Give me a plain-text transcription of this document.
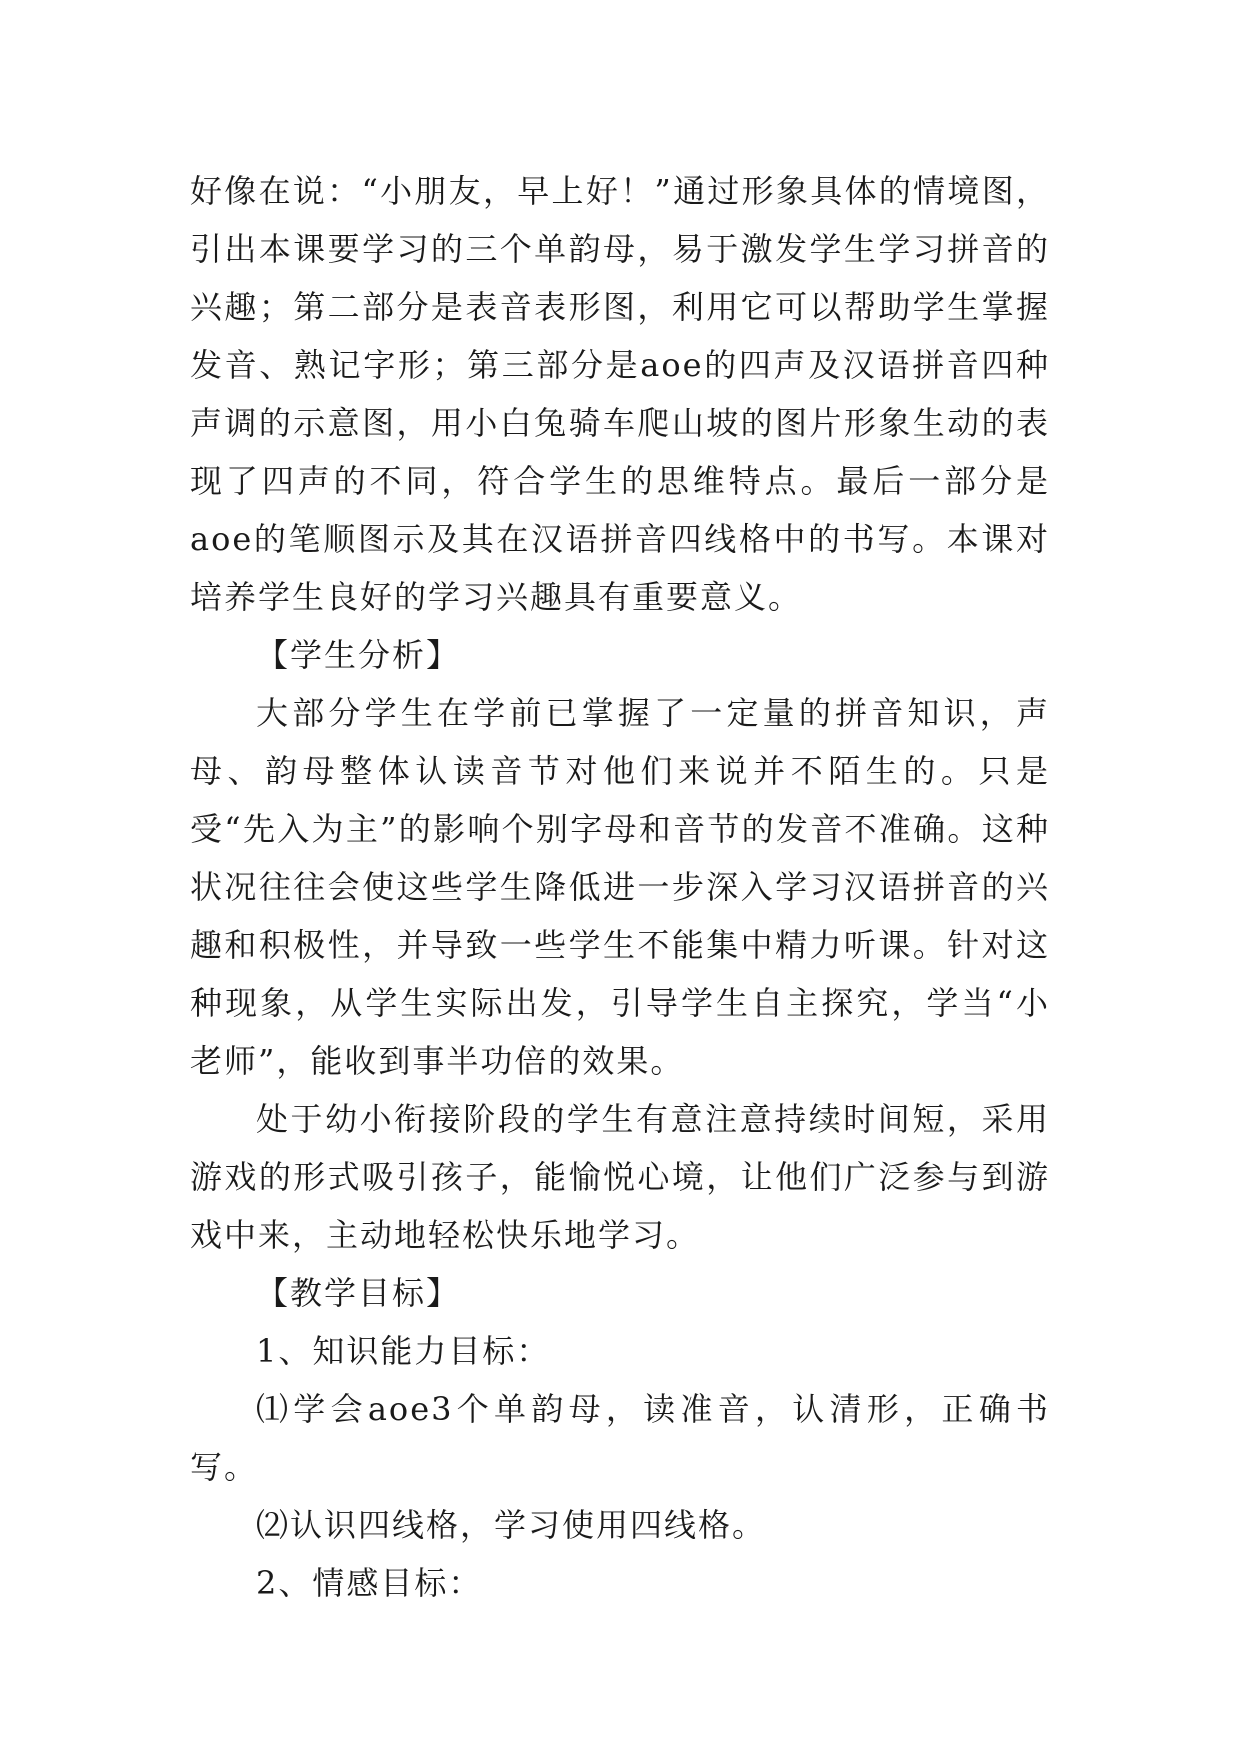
好像在说：“小朋友，早上好！”通过形象具体的情境图，引出本课要学习的三个单韵母，易于激发学生学习拼音的兴趣；第二部分是表音表形图，利用它可以帮助学生掌握发音、熟记字形；第三部分是aoe的四声及汉语拼音四种声调的示意图，用小白兔骑车爬山坡的图片形象生动的表现了四声的不同，符合学生的思维特点。最后一部分是aoe的笔顺图示及其在汉语拼音四线格中的书写。本课对培养学生良好的学习兴趣具有重要意义。

【学生分析】

大部分学生在学前已掌握了一定量的拼音知识，声母、韵母整体认读音节对他们来说并不陌生的。只是受“先入为主”的影响个别字母和音节的发音不准确。这种状况往往会使这些学生降低进一步深入学习汉语拼音的兴趣和积极性，并导致一些学生不能集中精力听课。针对这种现象，从学生实际出发，引导学生自主探究，学当“小老师”，能收到事半功倍的效果。

处于幼小衔接阶段的学生有意注意持续时间短，采用游戏的形式吸引孩子，能愉悦心境，让他们广泛参与到游戏中来，主动地轻松快乐地学习。

【教学目标】

1、知识能力目标：

⑴学会aoe3个单韵母，读准音，认清形，正确书写。

⑵认识四线格，学习使用四线格。

2、情感目标：
